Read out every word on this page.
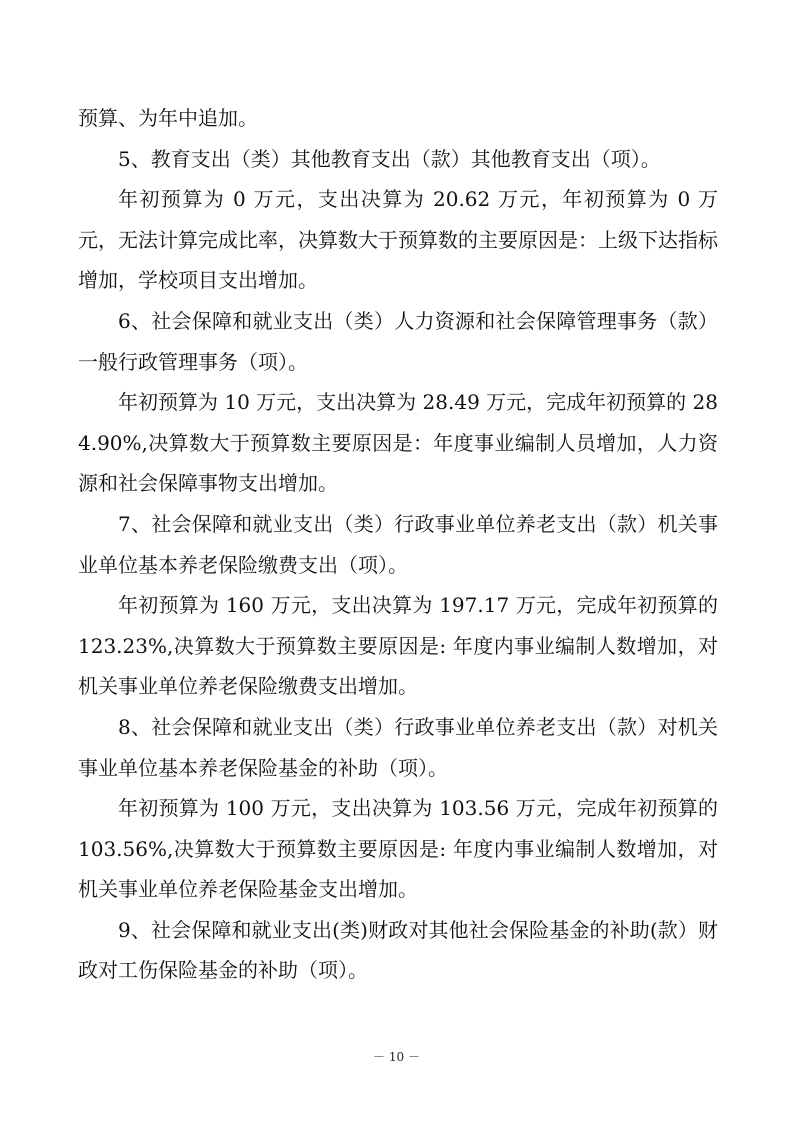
预算、为年中追加。

5、教育支出（类）其他教育支出（款）其他教育支出（项）。

年初预算为 0 万元，支出决算为 20.62 万元，年初预算为 0 万元，无法计算完成比率，决算数大于预算数的主要原因是：上级下达指标增加，学校项目支出增加。

6、社会保障和就业支出（类）人力资源和社会保障管理事务（款）一般行政管理事务（项）。

年初预算为 10 万元，支出决算为 28.49 万元，完成年初预算的 284.90%,决算数大于预算数主要原因是：年度事业编制人员增加，人力资源和社会保障事物支出增加。

7、社会保障和就业支出（类）行政事业单位养老支出（款）机关事业单位基本养老保险缴费支出（项）。

年初预算为 160 万元，支出决算为 197.17 万元，完成年初预算的 123.23%,决算数大于预算数主要原因是: 年度内事业编制人数增加，对机关事业单位养老保险缴费支出增加。

8、社会保障和就业支出（类）行政事业单位养老支出（款）对机关事业单位基本养老保险基金的补助（项）。

年初预算为 100 万元，支出决算为 103.56 万元，完成年初预算的 103.56%,决算数大于预算数主要原因是: 年度内事业编制人数增加，对机关事业单位养老保险基金支出增加。

9、社会保障和就业支出(类)财政对其他社会保险基金的补助(款）财政对工伤保险基金的补助（项）。

－ 10 －
